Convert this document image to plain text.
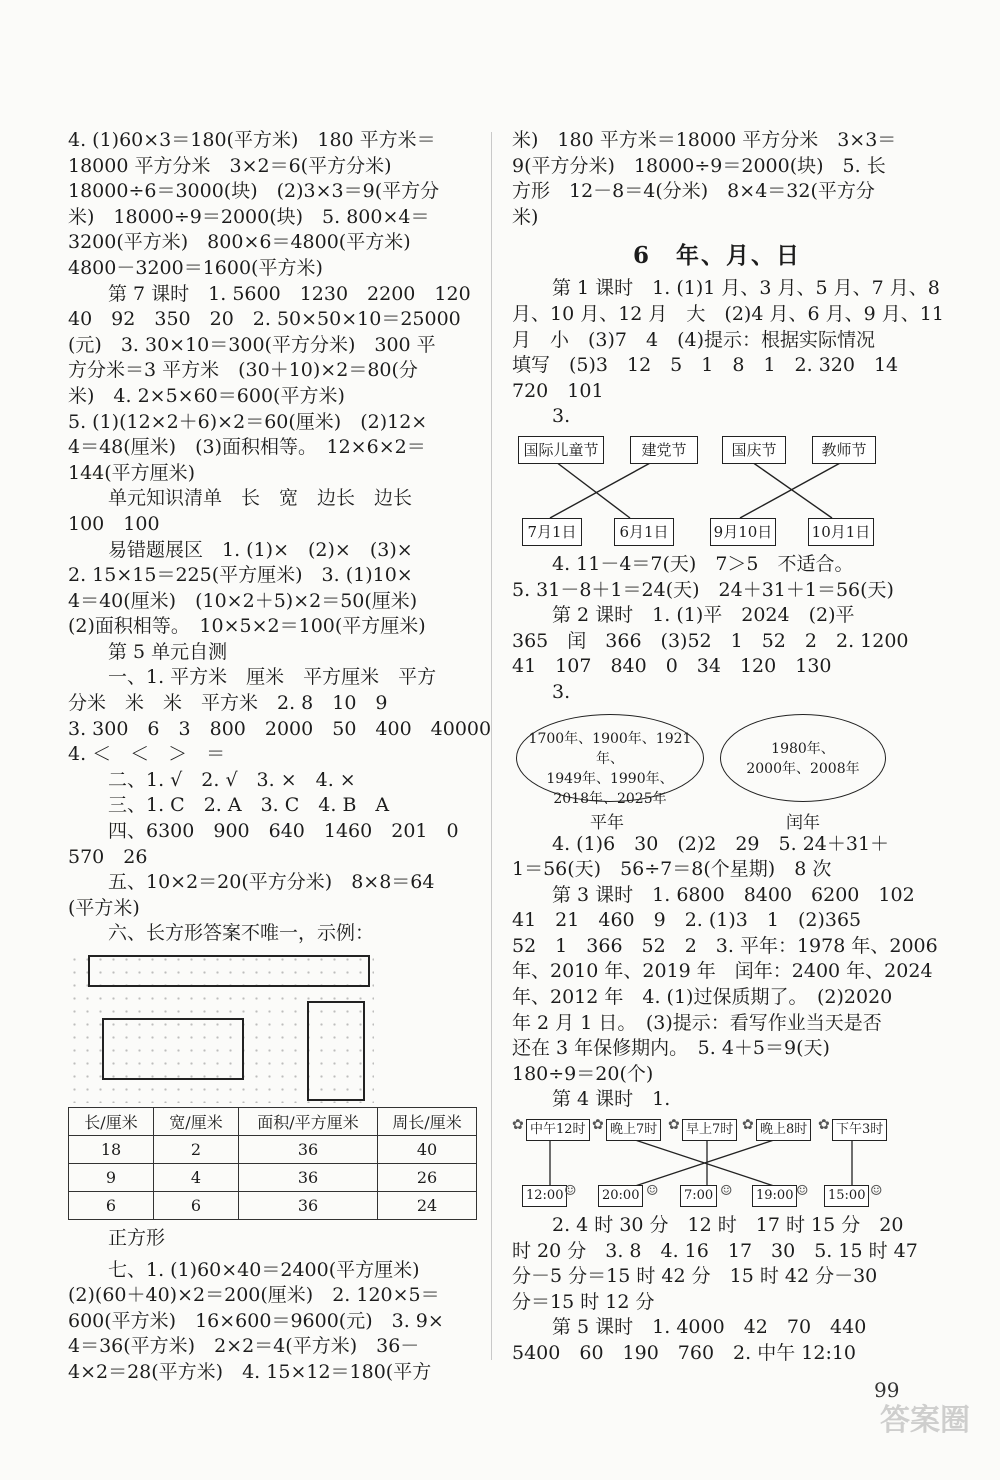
4. (1)60×3＝180(平方米)　180 平方米＝

18000 平方分米　3×2＝6(平方分米)

18000÷6＝3000(块)　(2)3×3＝9(平方分

米)　18000÷9＝2000(块)　5. 800×4＝

3200(平方米)　800×6＝4800(平方米)

4800－3200＝1600(平方米)

第 7 课时　1. 5600　1230　2200　120

40　92　350　20　2. 50×50×10＝25000

(元)　3. 30×10＝300(平方分米)　300 平

方分米＝3 平方米　(30＋10)×2＝80(分

米)　4. 2×5×60＝600(平方米)

5. (1)(12×2＋6)×2＝60(厘米)　(2)12×

4＝48(厘米)　(3)面积相等。　12×6×2＝

144(平方厘米)

单元知识清单　长　宽　边长　边长

100　100

易错题展区　1. (1)×　(2)×　(3)×

2. 15×15＝225(平方厘米)　3. (1)10×

4＝40(厘米)　(10×2＋5)×2＝50(厘米)

(2)面积相等。　10×5×2＝100(平方厘米)

第 5 单元自测

一、1. 平方米　厘米　平方厘米　平方

分米　米　米　平方米　2. 8　10　9

3. 300　6　3　800　2000　50　400　40000

4. ＜　＜　＞　＝

二、1. √　2. √　3. ×　4. ×

三、1. C　2. A　3. C　4. B　A

四、6300　900　640　1460　201　0

570　26

五、10×2＝20(平方分米)　8×8＝64

(平方米)

六、长方形答案不唯一，示例：

长/厘米	宽/厘米	面积/平方厘米	周长/厘米
18	2	36	40
9	4	36	26
6	6	36	24

正方形

七、1. (1)60×40＝2400(平方厘米)

(2)(60＋40)×2＝200(厘米)　2. 120×5＝

600(平方米)　16×600＝9600(元)　3. 9×

4＝36(平方米)　2×2＝4(平方米)　36－

4×2＝28(平方米)　4. 15×12＝180(平方

米)　180 平方米＝18000 平方分米　3×3＝

9(平方分米)　18000÷9＝2000(块)　5. 长

方形　12－8＝4(分米)　8×4＝32(平方分

米)

6　年、月、日

第 1 课时　1. (1)1 月、3 月、5 月、7 月、8

月、10 月、12 月　大　(2)4 月、6 月、9 月、11

月　小　(3)7　4　(4)提示：根据实际情况

填写　(5)3　12　5　1　8　1　2. 320　14

720　101

3.

国际儿童节	建党节	国庆节	教师节
7月1日	6月1日	9月10日	10月1日

4. 11－4＝7(天)　7＞5　不适合。

5. 31－8＋1＝24(天)　24＋31＋1＝56(天)

第 2 课时　1. (1)平　2024　(2)平

365　闰　366　(3)52　1　52　2　2. 1200

41　107　840　0　34　120　130

3.

1700年、1900年、1921年、
1949年、1990年、
2018年、2025年
1980年、
2000年、2008年
平年	闰年

4. (1)6　30　(2)2　29　5. 24＋31＋

1＝56(天)　56÷7＝8(个星期)　8 次

第 3 课时　1. 6800　8400　6200　102

41　21　460　9　2. (1)3　1　(2)365

52　1　366　52　2　3. 平年：1978 年、2006

年、2010 年、2019 年　闰年：2400 年、2024

年、2012 年　4. (1)过保质期了。　(2)2020

年 2 月 1 日。　(3)提示：看写作业当天是否

还在 3 年保修期内。　5. 4＋5＝9(天)

180÷9＝20(个)

第 4 课时　1.

✿ 中午12时 ✿ 晚上7时 ✿ 早上7时 ✿ 晚上8时 ✿ 下午3时
12:00 ☺	20:00 ☺	7:00 ☺	19:00 ☺	15:00 ☺

2. 4 时 30 分　12 时　17 时 15 分　20

时 20 分　3. 8　4. 16　17　30　5. 15 时 47

分－5 分＝15 时 42 分　15 时 42 分－30

分＝15 时 12 分

第 5 课时　1. 4000　42　70　440

5400　60　190　760　2. 中午 12:10

99
答案圈
